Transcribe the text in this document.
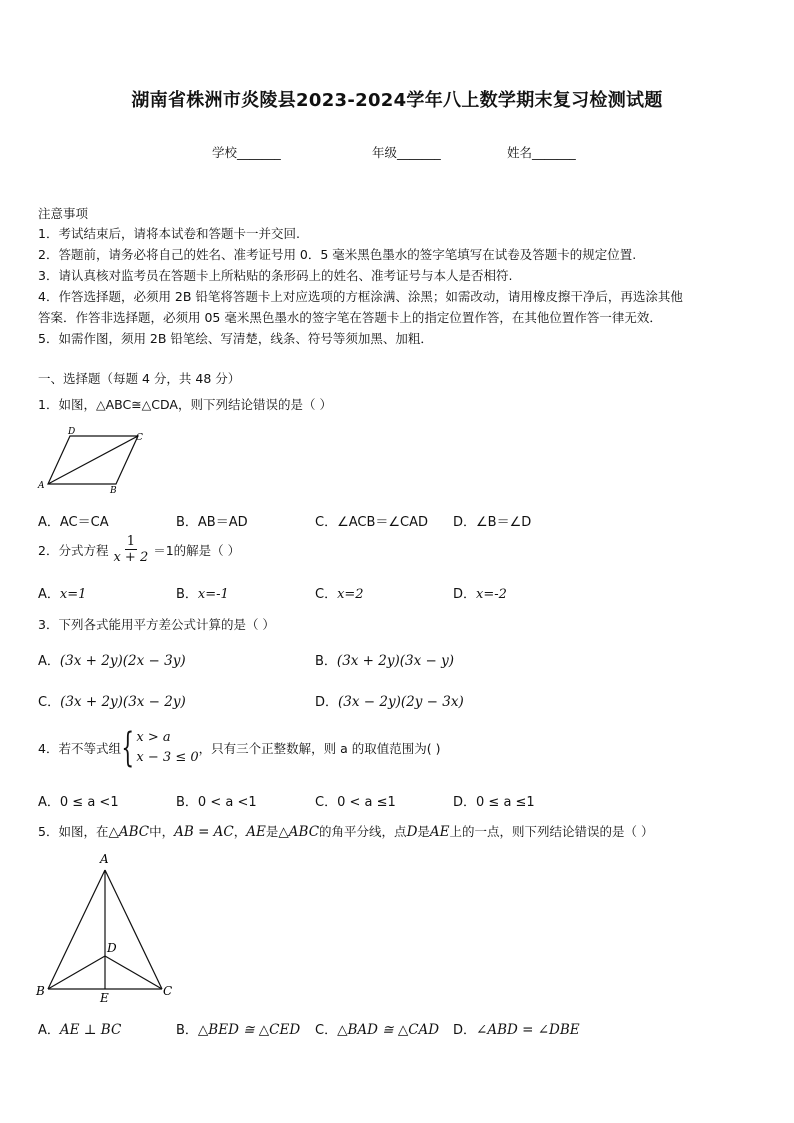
湖南省株洲市炎陵县2023-2024学年八上数学期末复习检测试题
学校_______	年级_______	姓名_______
注意事项
1．考试结束后，请将本试卷和答题卡一并交回.
2．答题前，请务必将自己的姓名、准考证号用 0．5 毫米黑色墨水的签字笔填写在试卷及答题卡的规定位置.
3．请认真核对监考员在答题卡上所粘贴的条形码上的姓名、准考证号与本人是否相符.
4．作答选择题，必须用 2B 铅笔将答题卡上对应选项的方框涂满、涂黑；如需改动，请用橡皮擦干净后，再选涂其他
答案．作答非选择题，必须用 05 毫米黑色墨水的签字笔在答题卡上的指定位置作答，在其他位置作答一律无效．
5．如需作图，须用 2B 铅笔绘、写清楚，线条、符号等须加黑、加粗．
一、选择题（每题 4 分，共 48 分）
1．如图，△ABC≅△CDA，则下列结论错误的是（ ）
A	B
C
D
A．AC＝CA	B．AB＝AD	C．∠ACB＝∠CAD D．∠B＝∠D
2．分式方程 $\frac{1}{x + 2} =1$的解是（ ）
A．x=1	B．x=-1	C．x=2	D．x=-2
3．下列各式能用平方差公式计算的是（ ）
A．(3x + 2y)(2x − 3y)	B．(3x + 2y)(3x − y)
C．(3x + 2y)(3x − 2y)	D．(3x − 2y)(2y − 3x)
4．若不等式组 { x > a
x − 3 ≤ 0
，只有三个正整数解，则 a 的取值范围为( )
A．0 ≤ a <1	B．0 < a <1	C．0 < a ≤1	D．0 ≤ a ≤1
5．如图，在△ABC中，AB = AC，AE是△ABC的角平分线，点D是AE上的一点，则下列结论错误的是（ ）
A
B	C
D
E
A．AE ⊥ BC	B．△BED ≅ △CED C．△BAD ≅ △CAD D．∠ABD = ∠DBE
